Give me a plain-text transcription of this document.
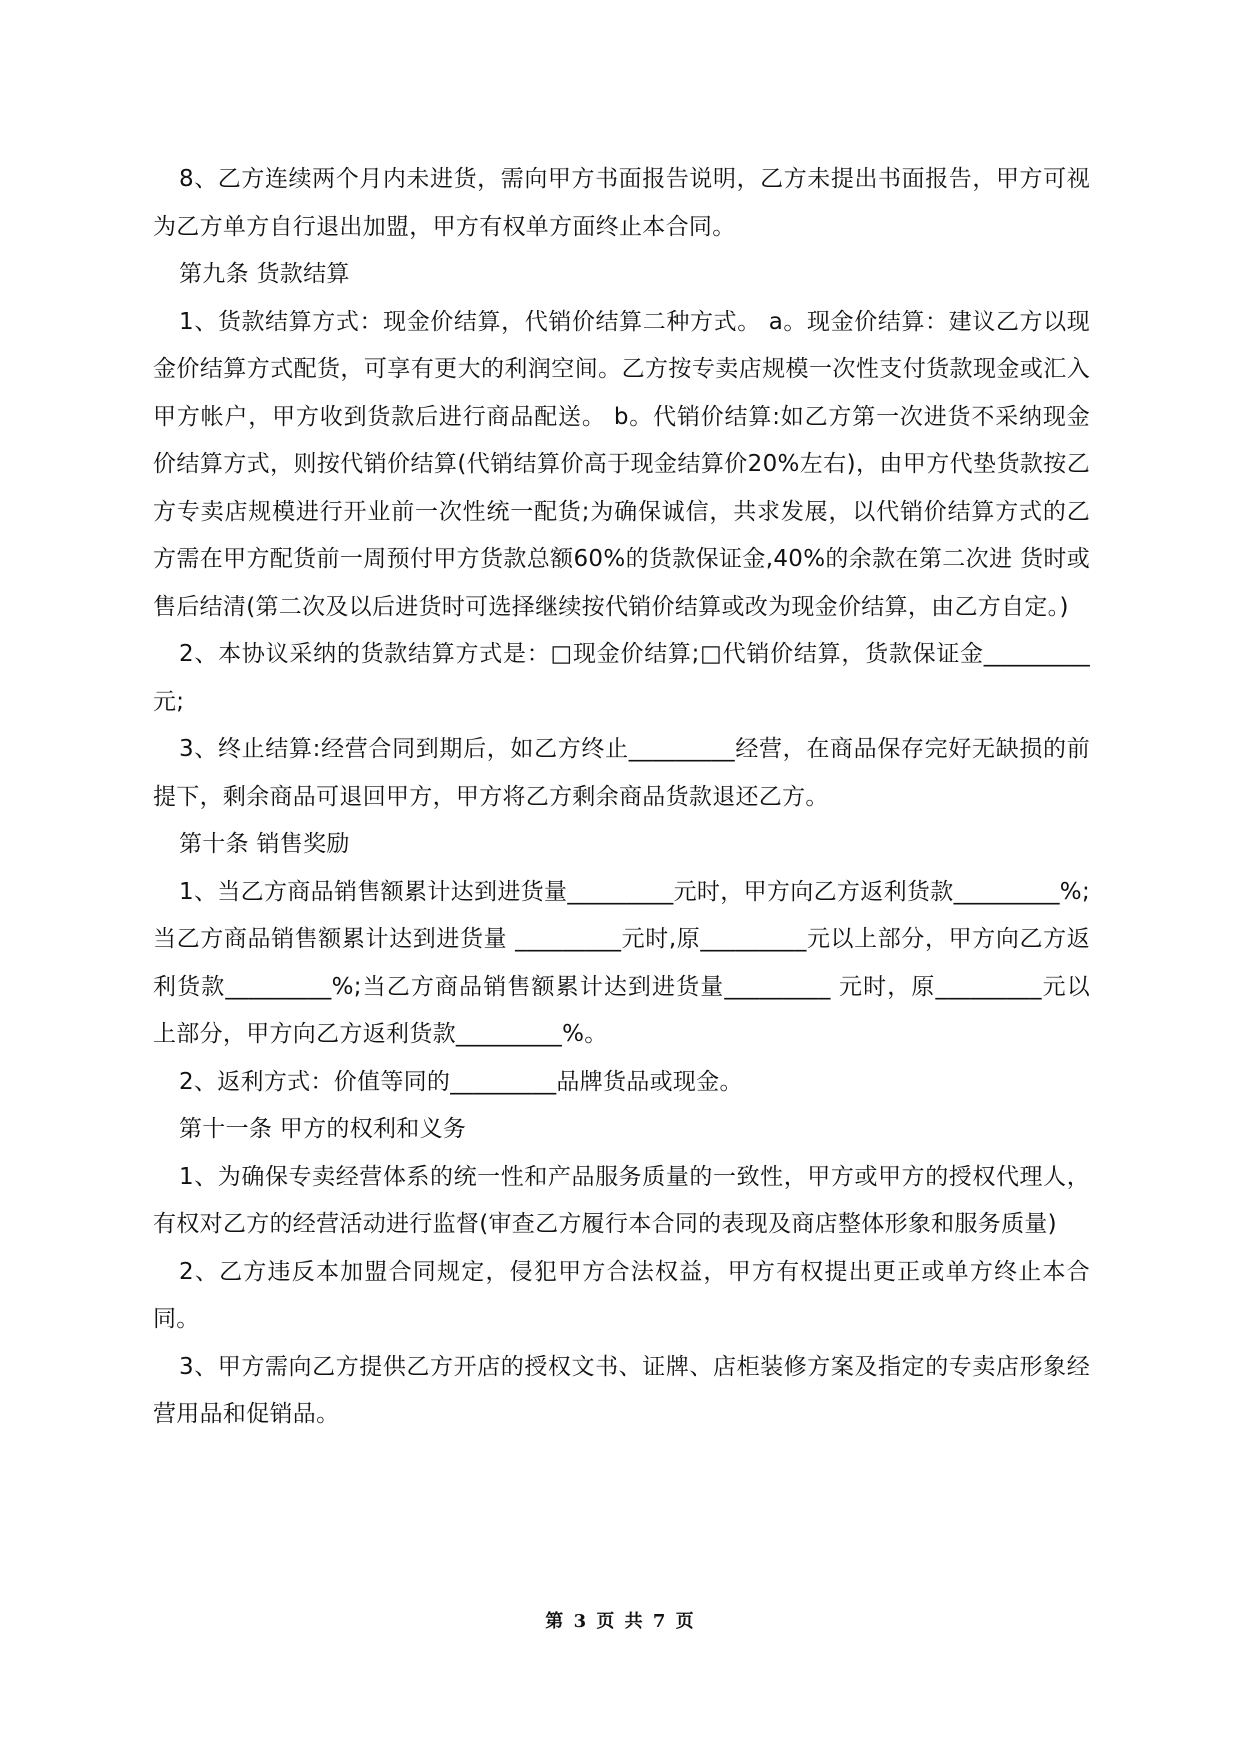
8、乙方连续两个月内未进货，需向甲方书面报告说明，乙方未提出书面报告，甲方可视为乙方单方自行退出加盟，甲方有权单方面终止本合同。

第九条 货款结算

1、货款结算方式：现金价结算，代销价结算二种方式。 a。现金价结算：建议乙方以现金价结算方式配货，可享有更大的利润空间。乙方按专卖店规模一次性支付货款现金或汇入甲方帐户，甲方收到货款后进行商品配送。 b。代销价结算:如乙方第一次进货不采纳现金价结算方式，则按代销价结算(代销结算价高于现金结算价20%左右)，由甲方代垫货款按乙方专卖店规模进行开业前一次性统一配货;为确保诚信，共求发展，以代销价结算方式的乙方需在甲方配货前一周预付甲方货款总额60%的货款保证金,40%的余款在第二次进 货时或售后结清(第二次及以后进货时可选择继续按代销价结算或改为现金价结算，由乙方自定。)

2、本协议采纳的货款结算方式是：□现金价结算;□代销价结算，货款保证金_________元;

3、终止结算:经营合同到期后，如乙方终止_________经营，在商品保存完好无缺损的前提下，剩余商品可退回甲方，甲方将乙方剩余商品货款退还乙方。

第十条 销售奖励

1、当乙方商品销售额累计达到进货量_________元时，甲方向乙方返利货款_________%;当乙方商品销售额累计达到进货量 _________元时,原_________元以上部分，甲方向乙方返利货款_________%;当乙方商品销售额累计达到进货量_________ 元时，原_________元以上部分，甲方向乙方返利货款_________%。

2、返利方式：价值等同的_________品牌货品或现金。

第十一条 甲方的权利和义务

1、为确保专卖经营体系的统一性和产品服务质量的一致性，甲方或甲方的授权代理人，有权对乙方的经营活动进行监督(审查乙方履行本合同的表现及商店整体形象和服务质量)

2、乙方违反本加盟合同规定，侵犯甲方合法权益，甲方有权提出更正或单方终止本合同。

3、甲方需向乙方提供乙方开店的授权文书、证牌、店柜装修方案及指定的专卖店形象经营用品和促销品。

第 3 页 共 7 页
